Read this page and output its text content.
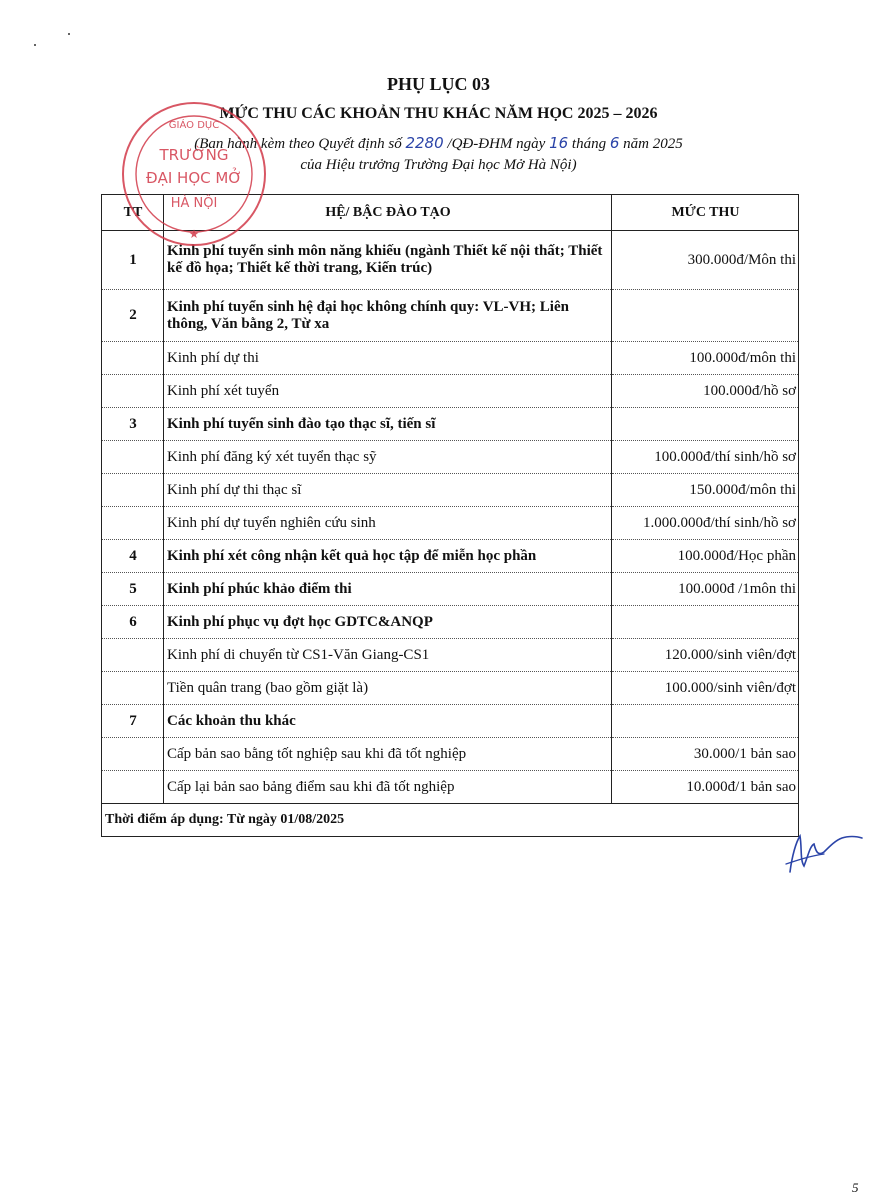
PHỤ LỤC 03
MỨC THU CÁC KHOẢN THU KHÁC NĂM HỌC 2025 – 2026
(Ban hành kèm theo Quyết định số 2280 /QĐ-ĐHM ngày 16 tháng 6 năm 2025
của Hiệu trưởng Trường Đại học Mở Hà Nội)
TT	HỆ/ BẬC ĐÀO TẠO	MỨC THU
1	Kinh phí tuyển sinh môn năng khiếu (ngành Thiết kế nội thất; Thiết kế đồ họa; Thiết kế thời trang, Kiến trúc)	300.000đ/Môn thi
2	Kinh phí tuyển sinh hệ đại học không chính quy: VL-VH; Liên thông, Văn bằng 2, Từ xa	
	Kinh phí dự thi	100.000đ/môn thi
	Kinh phí xét tuyển	100.000đ/hồ sơ
3	Kinh phí tuyển sinh đào tạo thạc sĩ, tiến sĩ	
	Kinh phí đăng ký xét tuyển thạc sỹ	100.000đ/thí sinh/hồ sơ
	Kinh phí dự thi thạc sĩ	150.000đ/môn thi
	Kinh phí dự tuyển nghiên cứu sinh	1.000.000đ/thí sinh/hồ sơ
4	Kinh phí xét công nhận kết quả học tập để miễn học phần	100.000đ/Học phần
5	Kinh phí phúc khảo điểm thi	100.000đ /1môn thi
6	Kinh phí phục vụ đợt học GDTC&ANQP	
	Kinh phí di chuyển từ CS1-Văn Giang-CS1	120.000/sinh viên/đợt
	Tiền quân trang (bao gồm giặt là)	100.000/sinh viên/đợt
7	Các khoản thu khác	
	Cấp bản sao bằng tốt nghiệp sau khi đã tốt nghiệp	30.000/1 bản sao
	Cấp lại bản sao bảng điểm sau khi đã tốt nghiệp	10.000đ/1 bản sao
Thời điểm áp dụng: Từ ngày 01/08/2025		
GIÁO DỤC
TRƯỜNG
ĐẠI HỌC MỞ
HÀ NỘI
★
5
